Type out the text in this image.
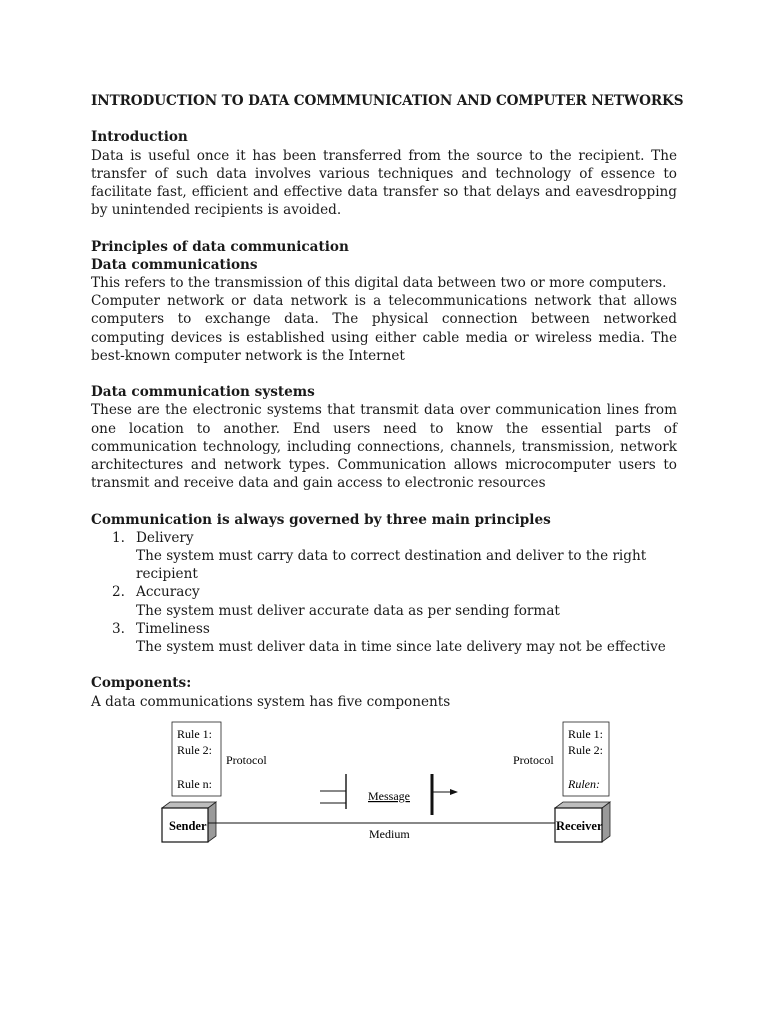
INTRODUCTION TO DATA COMMMUNICATION AND COMPUTER NETWORKS

Introduction

Data is useful once it has been transferred from the source to the recipient. The transfer of such data involves various techniques and technology of essence to facilitate fast, efficient and effective data transfer so that delays and eavesdropping by unintended recipients is avoided.

Principles of data communication

Data communications

This refers to the transmission of this digital data between two or more computers.

Computer network or data network is a telecommunications network that allows computers to exchange data. The physical connection between networked computing devices is established using either cable media or wireless media. The best-known computer network is the Internet

Data communication systems

These are the electronic systems that transmit data over communication lines from one location to another. End users need to know the essential parts of communication technology, including connections, channels, transmission, network architectures and network types. Communication allows microcomputer users to transmit and receive data and gain access to electronic resources

Communication is always governed by three main principles

1. Delivery
The system must carry data to correct destination and deliver to the right recipient
2. Accuracy
The system must deliver accurate data as per sending format
3. Timeliness
The system must deliver data in time since late delivery may not be effective

Components:

A data communications system has five components

Rule 1:
Rule 2:
Rule n:
Protocol
Sender
Rule 1:
Rule 2:
Rulen:
Protocol
Receiver
Medium
Message
